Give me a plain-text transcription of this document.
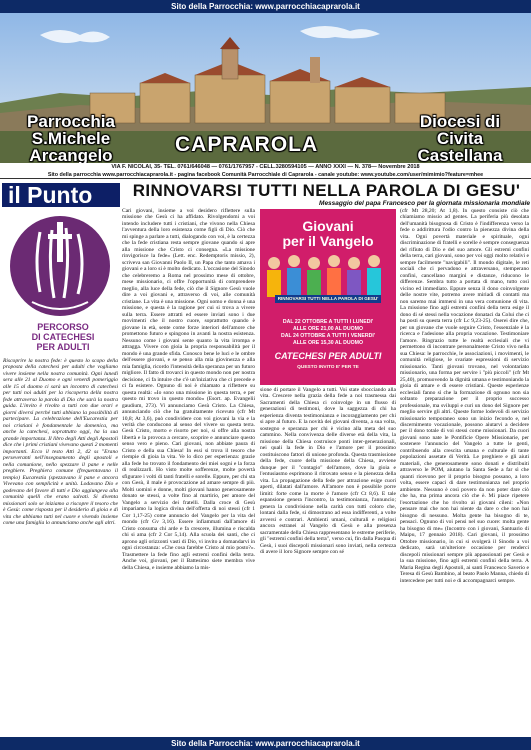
Sito della Parrocchia: www.parrocchiacaprarola.it
Parrocchia
S.Michele Arcangelo	CAPRAROLA
Diocesi di
Civita Castellana
VIA F. NICOLAI, 35- TEL. 0761/646048 — 0761/1767957 - CELL.3280594105 — ANNO XXXI — N. 378— Novembre 2018
Sito della parrocchia www.parrocchiacaprarola.it - pagina facebook Comunità Parrocchiale di Caprarola - canale youtube: www.youtube.com/user/mimimio?feature=mhee
il Punto	RINNOVARSI TUTTI NELLA PAROLA DI GESU'
Messaggio del papa Francesco per la giornata missionaria mondiale
PERCORSO
DI CATECHESI
PER ADULTI

Riscoprire la nostra fede: è questo lo scopo della proposta della catechesi per adulti che vogliamo vivere insieme nella nostra comunità. Ogni lunedì sera alle 21 al Duomo e ogni venerdì pomeriggio alle 15 al duomo ci sarà un incontro di catechesi per tutti noi adulti per la riscoperta della nostra fede attraverso la parola di Dio che sarà la nostra guida. L'invito è rivolto a tutti con due orari e giorni diversi perché tutti abbiano la possibilità di partecipare. La celebrazione dell'Eucarestia per noi cristiani è fondamentale la domenica, ma anche la catechesi, soprattutto oggi, ha la sua grande importanza. Il libro degli Atti degli Apostoli dice che i primi cristiani vivevano questi 2 momenti importanti. Ecco il testo Atti 2, 42 ss "Erano perseveranti nell'insegnamento degli apostoli e nella comunione, nello spezzare il pane e nelle preghiere. Preghiera comune (frequentavano il tempio) Eucarestia (spezzavano il pane e ancora Vivevano con semplicità e unità. Lodavano Dio e godevano del favore di tutti e Dio aggiungeva alla comunità quelli che erano salvati. Si diventa missionari solo se iniziamo a riscopre il tesoro che è Gesù: come risposta per il desiderio di gioia e di vita che abbiamo tutti nel cuore e vivendo insieme come una famiglia lo annunciamo anche agli altri.

Cari giovani, insieme a voi desidero riflettere sulla missione che Gesù ci ha affidato. Rivolgendomi a voi intendo includere tutti i cristiani, che vivono nella Chiesa l'avventura della loro esistenza come figli di Dio. Ciò che mi spinge a parlare a tutti, dialogando con voi, è la certezza che la fede cristiana resta sempre giovane quando si apre alla missione che Cristo ci consegna. «La missione rinvigorisce la fede» (Lett. enc. Redemptoris missio, 2), scriveva san Giovanni Paolo II, un Papa che tanto amava i giovani e a loro si è molto dedicato. L'occasione del Sinodo che celebreremo a Roma nel prossimo mese di ottobre, mese missionario, ci offre l'opportunità di comprendere meglio, alla luce della fede, ciò che il Signore Gesù vuole dire a voi giovani e, attraverso di voi, alle comunità cristiane. La vita è una missione. Ogni uomo e donna è una missione, e questa è la ragione per cui si trova a vivere sulla terra. Essere attratti ed essere inviati sono i due movimenti che il nostro cuore, soprattutto quando è giovane in età, sente come forze interiori dell'amore che promettono futuro e spingono in avanti la nostra esistenza. Nessuno come i giovani sente quanto la vita irrompa e attragga. Vivere con gioia la propria responsabilità per il mondo è una grande sfida. Conosco bene le luci e le ombre dell'essere giovani, e se penso alla mia giovinezza e alla mia famiglia, ricordo l'intensità della speranza per un futuro migliore. Il fatto di trovarci in questo mondo non per nostra decisione, ci fa intuire che c'è un'iniziativa che ci precede e ci fa esistere. Ognuno di noi è chiamato a riflettere su questa realtà: «Io sono una missione in questa terra, e per questo mi trovo in questo mondo» (Esort. ap. Evangelii gaudium, 273). Vi annunciamo Gesù Cristo. La Chiesa, annunciando ciò che ha gratuitamente ricevuto (cfr Mt 10,8; At 3,6), può condividere con voi giovani la via e la verità che conducono al senso del vivere su questa terra. Gesù Cristo, morto e risorto per noi, si offre alla nostra libertà e la provoca a cercare, scoprire e annunciare questo senso vero e pieno. Cari giovani, non abbiate paura di Cristo e della sua Chiesa! In essi si trova il tesoro che riempie di gioia la vita. Ve lo dico per esperienza: grazie alla fede ho trovato il fondamento dei miei sogni e la forza di realizzarli. Ho visto molte sofferenze, molte povertà sfigurare i volti di tanti fratelli e sorelle. Eppure, per chi sta con Gesù, il male è provocazione ad amare sempre di più. Molti uomini e donne, molti giovani hanno generosamente donato se stessi, a volte fino al martirio, per amore del Vangelo a servizio dei fratelli. Dalla croce di Gesù impariamo la logica divina dell'offerta di noi stessi (cfr 1 Cor 1,17-25) come annuncio del Vangelo per la vita del mondo (cfr Gv 3,16). Essere infiammati dall'amore di Cristo consuma chi arde e fa crescere, illumina e riscalda chi si ama (cfr 2 Cor 5,14). Alla scuola dei santi, che ci aprono agli orizzonti vasti di Dio, vi invito a domandarvi in ogni circostanza: «Che cosa farebbe Cristo al mio posto?». Trasmettere la fede fino agli estremi confini della terra. Anche voi, giovani, per il Battesimo siete membra vive della Chiesa, e insieme abbiamo la mis-

Giovani
per il Vangelo
RINNOVARSI TUTTI NELLA PAROLA DI GESU'
DAL 22 OTTOBRE A TUTTI I LUNEDI'
ALLE ORE 21,00 AL DUOMO
DAL 24 OTTOBRE A TUTTI I VENERDI'
ALLE ORE 15,30 AL DUOMO
CATECHESI PER ADULTI
QUESTO INVITO E' PER TE

sione di portare il Vangelo a tutti. Voi state sbocciando alla vita. Crescere nella grazia della fede a noi trasmessa dai Sacramenti della Chiesa ci coinvolge in un flusso di generazioni di testimoni, dove la saggezza di chi ha esperienza diventa testimonianza e incoraggiamento per chi si apre al futuro. E la novità dei giovani diventa, a sua volta, sostegno e speranza per chi è vicino alla meta del suo cammino. Nella convivenza delle diverse età della vita, la missione della Chiesa costruisce ponti inter-generazionali, nei quali la fede in Dio e l'amore per il prossimo costituiscono fattori di unione profonda. Questa trasmissione della fede, cuore della missione della Chiesa, avviene dunque per il "contagio" dell'amore, dove la gioia e l'entusiasmo esprimono il ritrovato senso e la pienezza della vita. La propagazione della fede per attrazione esige cuori aperti, dilatati dall'amore. All'amore non è possibile porre limiti: forte come la morte è l'amore (cfr Ct 8,6). E tale espansione genera l'incontro, la testimonianza, l'annuncio; genera la condivisione nella carità con tutti coloro che, lontani dalla fede, si dimostrano ad essa indifferenti, a volte avversi e contrari. Ambienti umani, culturali e religiosi ancora estranei al Vangelo di Gesù e alla presenza sacramentale della Chiesa rappresentano le estreme periferie, gli "estremi confini della terra", verso cui, fin dalla Pasqua di Gesù, i suoi discepoli missionari sono inviati, nella certezza di avere il loro Signore sempre con sé

(cfr Mt 28,20; At 1,8). In questo consiste ciò che chiamiamo missio ad gentes. La periferia più desolata dell'umanità bisognosa di Cristo è l'indifferenza verso la fede o addirittura l'odio contro la pienezza divina della vita. Ogni povertà materiale e spirituale, ogni discriminazione di fratelli e sorelle è sempre conseguenza del rifiuto di Dio e del suo amore. Gli estremi confini della terra, cari giovani, sono per voi oggi molto relativi e sempre facilmente "navigabili". Il mondo digitale, le reti sociali che ci pervadono e attraversano, stemperano confini, cancellano margini e distanze, riducono le differenze. Sembra tutto a portata di mano, tutto così vicino ed immediato. Eppure senza il dono coinvolgente delle nostre vite, potremo avere miriadi di contatti ma non saremo mai immersi in una vera comunione di vita. La missione fino agli estremi confini della terra esige il dono di sé stessi nella vocazione donataci da Colui che ci ha posti su questa terra (cfr Lc 9,23-25). Oserei dire che, per un giovane che vuole seguire Cristo, l'essenziale è la ricerca e l'adesione alla propria vocazione. Testimoniare l'amore. Ringrazio tutte le realtà ecclesiali che vi permettono di incontrare personalmente Cristo vivo nella sua Chiesa: le parrocchie, le associazioni, i movimenti, le comunità religiose, le svariate espressioni di servizio missionario. Tanti giovani trovano, nel volontariato missionario, una forma per servire i "più piccoli" (cfr Mt 25,40), promuovendo la dignità umana e testimoniando la gioia di amare e di essere cristiani. Queste esperienze ecclesiali fanno sì che la formazione di ognuno non sia soltanto preparazione per il proprio successo professionale, ma sviluppi e curi un dono del Signore per meglio servire gli altri. Queste forme lodevoli di servizio missionario temporaneo sono un inizio fecondo e, nel discernimento vocazionale, possono aiutarvi a decidere per il dono totale di voi stessi come missionari. Da cuori giovani sono nate le Pontificie Opere Missionarie, per sostenere l'annuncio del Vangelo a tutte le genti, contribuendo alla crescita umana e culturale di tante popolazioni assetate di Verità. Le preghiere e gli aiuti materiali, che generosamente sono donati e distribuiti attraverso le POM, aiutano la Santa Sede a far sì che quanti ricevono per il proprio bisogno possano, a loro volta, essere capaci di dare testimonianza nel proprio ambiente. Nessuno è così povero da non poter dare ciò che ha, ma prima ancora ciò che è. Mi piace ripetere l'esortazione che ho rivolto ai giovani cileni: «Non pensare mai che non hai niente da dare o che non hai bisogno di nessuno. Molta gente ha bisogno di te, pensaci. Ognuno di voi pensi nel suo cuore: molta gente ha bisogno di me» (Incontro con i giovani, Santuario di Maipu, 17 gennaio 2018). Cari giovani, il prossimo Ottobre missionario, in cui si svolgerà il Sinodo a voi dedicato, sarà un'ulteriore occasione per renderci discepoli missionari sempre più appassionati per Gesù e la sua missione, fino agli estremi confini della terra. A Maria Regina degli Apostoli, ai santi Francesco Saverio e Teresa di Gesù Bambino, al beato Paolo Manna, chiedo di intercedere per tutti noi e di accompagnarci sempre.

Sito della Parrocchia: www.parrocchiacaprarola.it
